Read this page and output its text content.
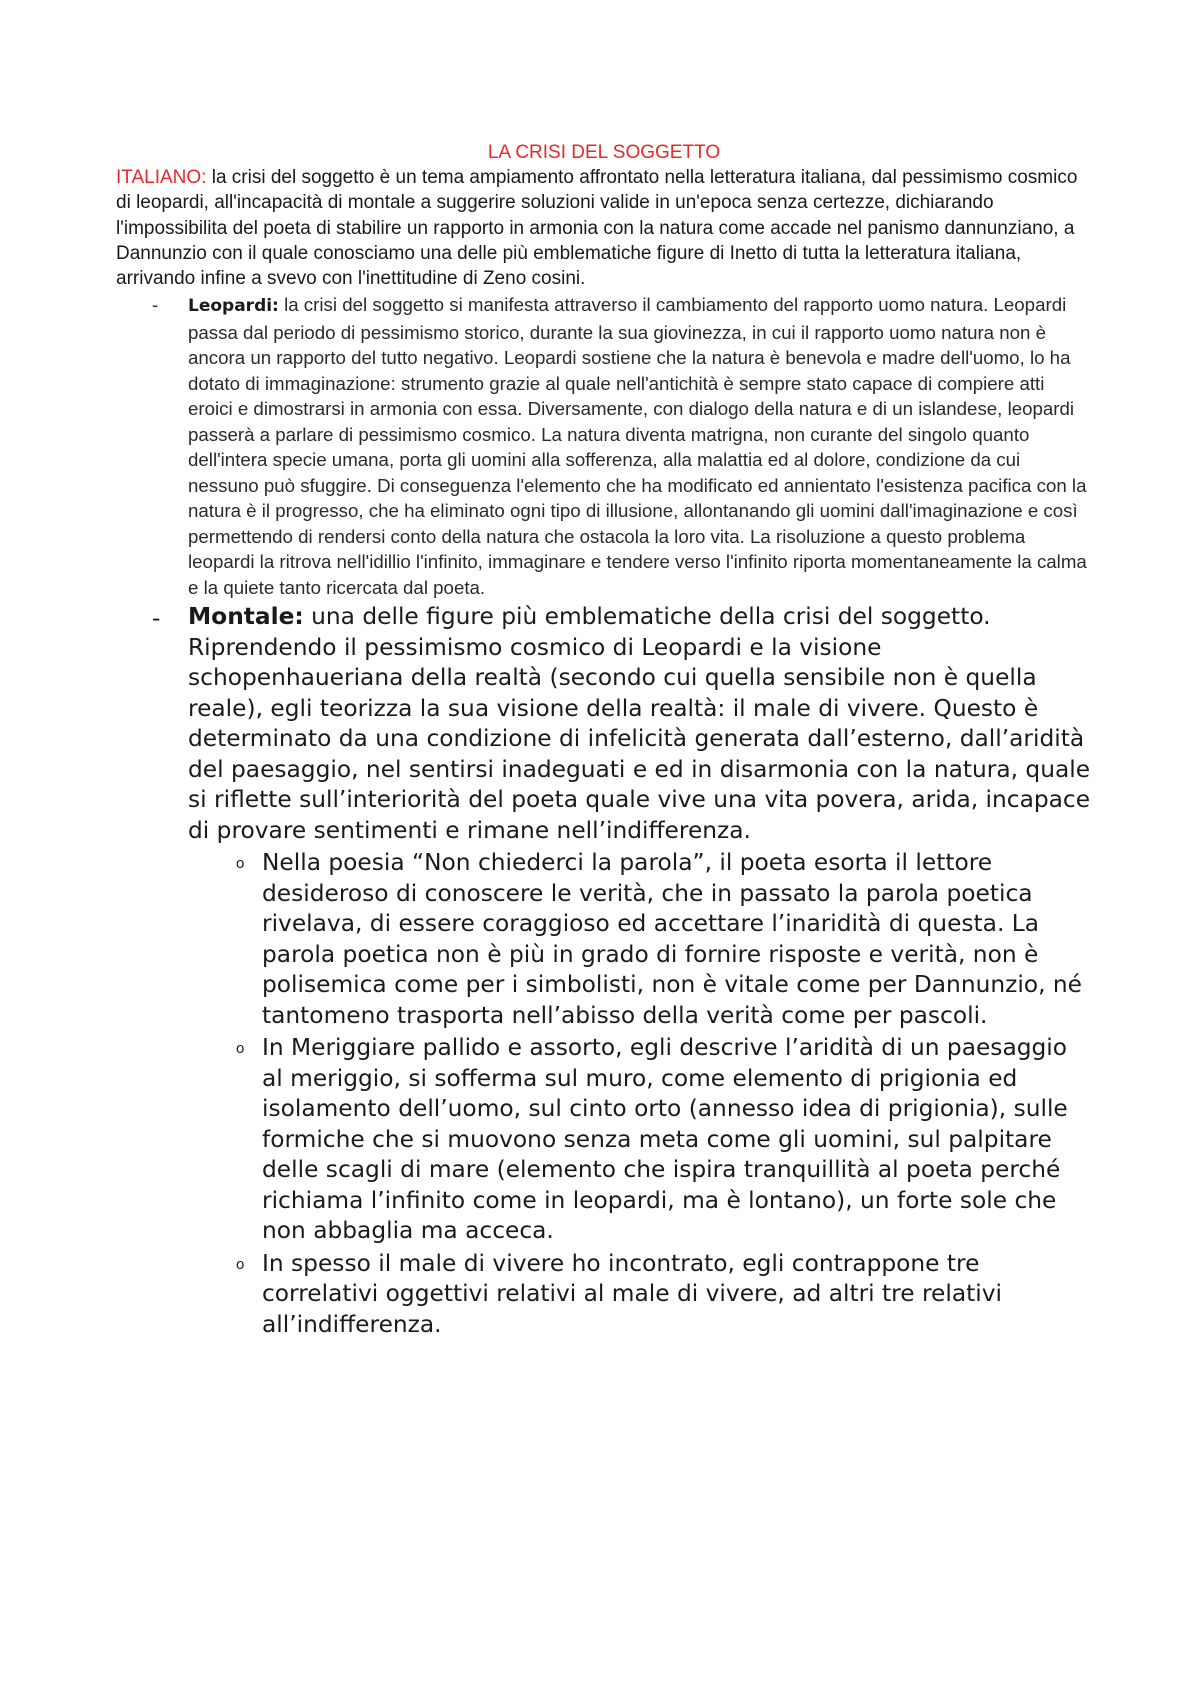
LA CRISI DEL SOGGETTO

ITALIANO: la crisi del soggetto è un tema ampiamento affrontato nella letteratura italiana, dal pessimismo cosmico di leopardi, all'incapacità di montale a suggerire soluzioni valide in un'epoca senza certezze, dichiarando l'impossibilita del poeta di stabilire un rapporto in armonia con la natura come accade nel panismo dannunziano, a Dannunzio con il quale conosciamo una delle più emblematiche figure di Inetto di tutta la letteratura italiana, arrivando infine a svevo con l'inettitudine di Zeno cosini.

- Leopardi: la crisi del soggetto si manifesta attraverso il cambiamento del rapporto uomo natura. Leopardi passa dal periodo di pessimismo storico, durante la sua giovinezza, in cui il rapporto uomo natura non è ancora un rapporto del tutto negativo. Leopardi sostiene che la natura è benevola e madre dell'uomo, lo ha dotato di immaginazione: strumento grazie al quale nell'antichità è sempre stato capace di compiere atti eroici e dimostrarsi in armonia con essa. Diversamente, con dialogo della natura e di un islandese, leopardi passerà a parlare di pessimismo cosmico. La natura diventa matrigna, non curante del singolo quanto dell'intera specie umana, porta gli uomini alla sofferenza, alla malattia ed al dolore, condizione da cui nessuno può sfuggire. Di conseguenza l'elemento che ha modificato ed annientato l'esistenza pacifica con la natura è il progresso, che ha eliminato ogni tipo di illusione, allontanando gli uomini dall'imaginazione e così permettendo di rendersi conto della natura che ostacola la loro vita. La risoluzione a questo problema leopardi la ritrova nell'idillio l'infinito, immaginare e tendere verso l'infinito riporta momentaneamente la calma e la quiete tanto ricercata dal poeta.
- Montale: una delle figure più emblematiche della crisi del soggetto. Riprendendo il pessimismo cosmico di Leopardi e la visione schopenhaueriana della realtà (secondo cui quella sensibile non è quella reale), egli teorizza la sua visione della realtà: il male di vivere. Questo è determinato da una condizione di infelicità generata dall’esterno, dall’aridità del paesaggio, nel sentirsi inadeguati e ed in disarmonia con la natura, quale si riflette sull’interiorità del poeta quale vive una vita povera, arida, incapace di provare sentimenti e rimane nell’indifferenza.
o Nella poesia “Non chiederci la parola”, il poeta esorta il lettore desideroso di conoscere le verità, che in passato la parola poetica rivelava, di essere coraggioso ed accettare l’inaridità di questa. La parola poetica non è più in grado di fornire risposte e verità, non è polisemica come per i simbolisti, non è vitale come per Dannunzio, né tantomeno trasporta nell’abisso della verità come per pascoli.
o In Meriggiare pallido e assorto, egli descrive l’aridità di un paesaggio al meriggio, si sofferma sul muro, come elemento di prigionia ed isolamento dell’uomo, sul cinto orto (annesso idea di prigionia), sulle formiche che si muovono senza meta come gli uomini, sul palpitare delle scagli di mare (elemento che ispira tranquillità al poeta perché richiama l’infinito come in leopardi, ma è lontano), un forte sole che non abbaglia ma acceca.
o In spesso il male di vivere ho incontrato, egli contrappone tre correlativi oggettivi relativi al male di vivere, ad altri tre relativi all’indifferenza.
